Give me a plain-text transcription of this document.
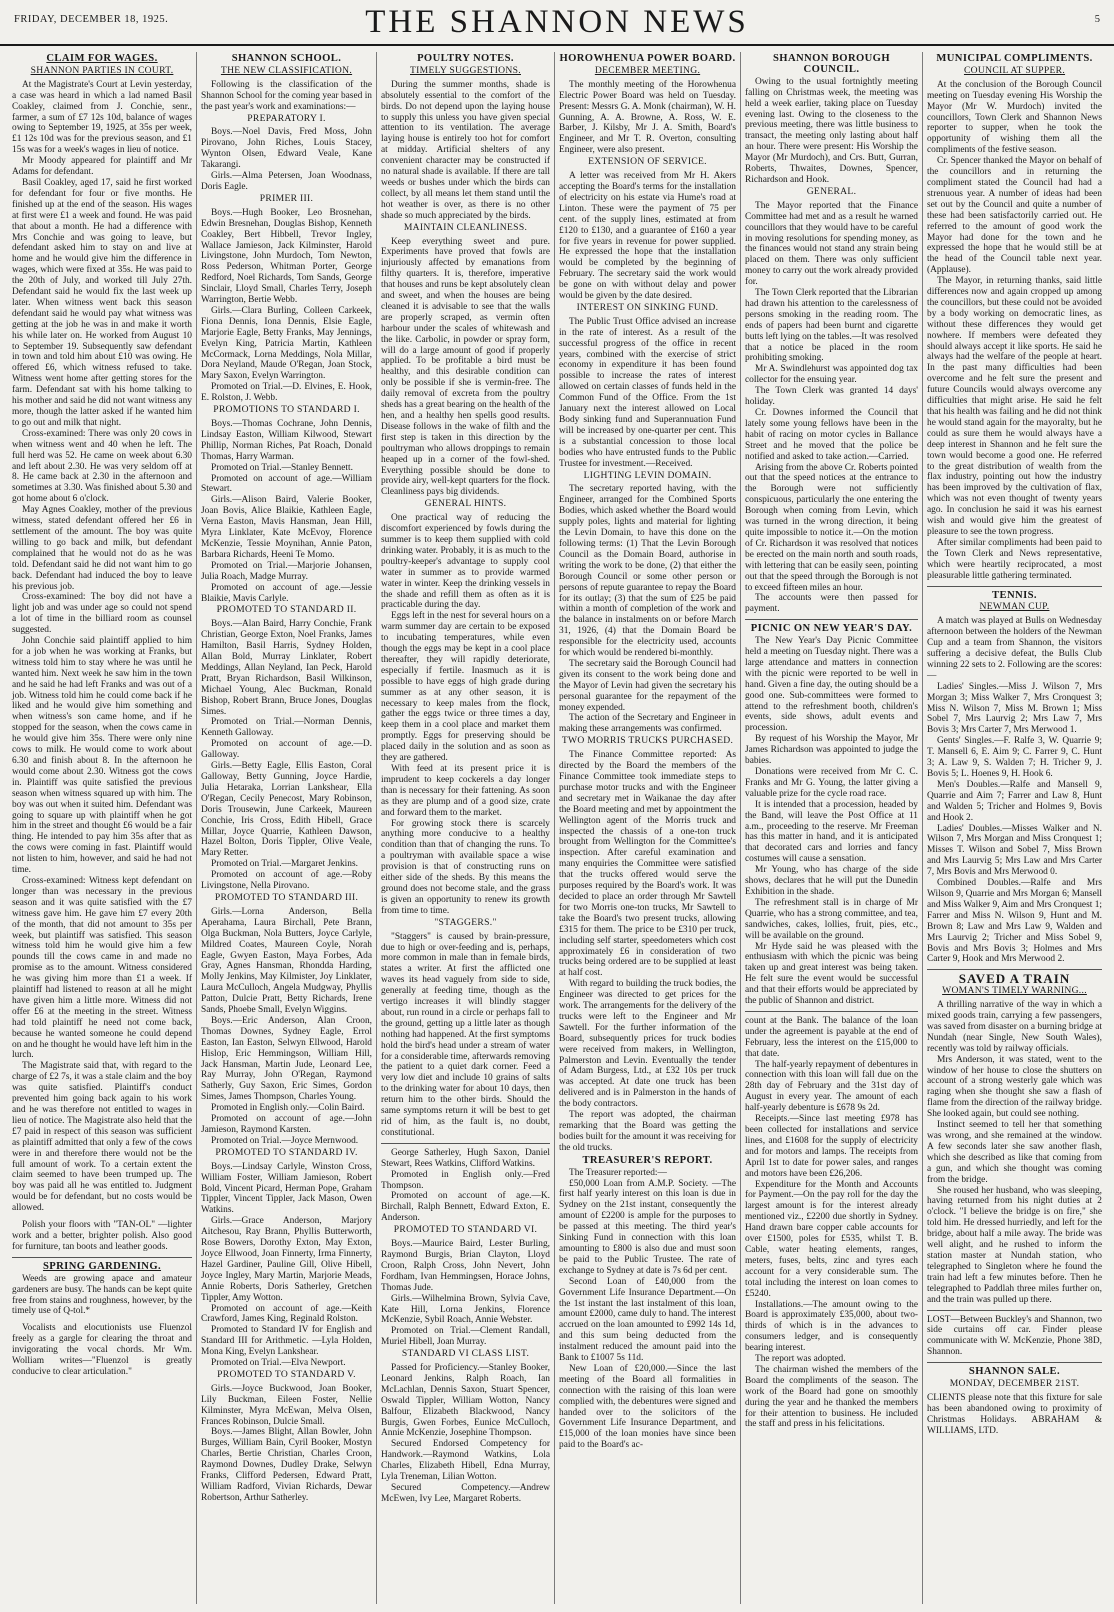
FRIDAY, DECEMBER 18, 1925.	THE SHANNON NEWS	5
CLAIM FOR WAGES.
SHANNON PARTIES IN COURT.

At the Magistrate's Court at Levin yesterday, a case was heard in which a lad named Basil Coakley, claimed from J. Conchie, senr., farmer, a sum of £7 12s 10d, balance of wages owing to September 19, 1925, at 35s per week, £1 12s 10d was for the previous season, and £1 15s was for a week's wages in lieu of notice.

Mr Moody appeared for plaintiff and Mr Adams for defendant.

Basil Coakley, aged 17, said he first worked for defendant for four or five months. He finished up at the end of the season. His wages at first were £1 a week and found. He was paid that about a month. He had a difference with Mrs Conchie and was going to leave, but defendant asked him to stay on and live at home and he would give him the difference in wages, which were fixed at 35s. He was paid to the 20th of July, and worked till July 27th. Defendant said he would fix the last week up later. When witness went back this season defendant said he would pay what witness was getting at the job he was in and make it worth his while later on. He worked from August 10 to September 19. Subsequently saw defendant in town and told him about £10 was owing. He offered £6, which witness refused to take. Witness went home after getting stores for the farm. Defendant sat with his home talking to his mother and said he did not want witness any more, though the latter asked if he wanted him to go out and milk that night.

Cross-examined: There was only 20 cows in when witness went and 40 when he left. The full herd was 52. He came on week about 6.30 and left about 2.30. He was very seldom off at 8. He came back at 2.30 in the afternoon and sometimes at 3.30. Was finished about 5.30 and got home about 6 o'clock.

May Agnes Coakley, mother of the previous witness, stated defendant offered her £6 in settlement of the amount. The boy was quite willing to go back and milk, but defendant complained that he would not do as he was told. Defendant said he did not want him to go back. Defendant had induced the boy to leave his previous job.

Cross-examined: The boy did not have a light job and was under age so could not spend a lot of time in the billiard room as counsel suggested.

John Conchie said plaintiff applied to him for a job when he was working at Franks, but witness told him to stay where he was until he wanted him. Next week he saw him in the town and he said he had left Franks and was out of a job. Witness told him he could come back if he liked and he would give him something and when witness's son came home, and if he stopped for the season, when the cows came in he would give him 35s. There were only nine cows to milk. He would come to work about 6.30 and finish about 8. In the afternoon he would come about 2.30. Witness got the cows in. Plaintiff was quite satisfied the previous season when witness squared up with him. The boy was out when it suited him. Defendant was going to square up with plaintiff when he got him in the street and thought £6 would be a fair thing. He intended to pay him 35s after that as the cows were coming in fast. Plaintiff would not listen to him, however, and said he had not time.

Cross-examined: Witness kept defendant on longer than was necessary in the previous season and it was quite satisfied with the £7 witness gave him. He gave him £7 every 20th of the month, that did not amount to 35s per week, but plaintiff was satisfied. This season witness told him he would give him a few pounds till the cows came in and made no promise as to the amount. Witness considered he was giving him more than £1 a week. If plaintiff had listened to reason at all he might have given him a little more. Witness did not offer £6 at the meeting in the street. Witness had told plaintiff he need not come back, because he wanted someone he could depend on and he thought he would have left him in the lurch.

The Magistrate said that, with regard to the charge of £2 7s, it was a stale claim and the boy was quite satisfied. Plaintiff's conduct prevented him going back again to his work and he was therefore not entitled to wages in lieu of notice. The Magistrate also held that the £7 paid in respect of this season was sufficient as plaintiff admitted that only a few of the cows were in and therefore there would not be the full amount of work. To a certain extent the claim seemed to have been trumped up. The boy was paid all he was entitled to. Judgment would be for defendant, but no costs would be allowed.

Polish your floors with "TAN-OL" —lighter work and a better, brighter polish. Also good for furniture, tan boots and leather goods.

SPRING GARDENING.

Weeds are growing apace and amateur gardeners are busy. The hands can be kept quite free from stains and roughness, however, by the timely use of Q-tol.*

Vocalists and elocutionists use Fluenzol freely as a gargle for clearing the throat and invigorating the vocal chords. Mr Wm. Wolliam writes—"Fluenzol is greatly conducive to clear articulation."

SHANNON SCHOOL.
THE NEW CLASSIFICATION.

Following is the classification of the Shannon School for the coming year based in the past year's work and examinations:—

PREPARATORY I.

Boys.—Noel Davis, Fred Moss, John Pirovano, John Riches, Louis Stacey, Wynton Olsen, Edward Veale, Kane Takarangi.

Girls.—Alma Petersen, Joan Woodnass, Doris Eagle.

PRIMER III.

Boys.—Hugh Booker, Leo Brosnehan, Edwin Bresnehan, Douglas Bishop, Kenneth Coakley, Bert Hibbell, Trevor Ingley, Wallace Jamieson, Jack Kilminster, Harold Livingstone, John Murdoch, Tom Newton, Ross Pederson, Whitman Porter, George Redford, Noel Richards, Tom Sands, George Sinclair, Lloyd Small, Charles Terry, Joseph Warrington, Bertie Webb.

Girls.—Clara Burling, Colleen Carkeek, Fiona Dennis, Iona Dennis, Elsie Eagle, Marjorie Eagle, Betty Franks, May Jennings, Evelyn King, Patricia Martin, Kathleen McCormack, Lorna Meddings, Nola Millar, Dora Neyland, Maude O'Regan, Joan Stock, Mary Saxon, Evelyn Warrington.

Promoted on Trial.—D. Elvines, E. Hook, E. Rolston, J. Webb.

PROMOTIONS TO STANDARD I.

Boys.—Thomas Cochrane, John Dennis, Lindsay Easton, William Kilwood, Stewart Phillip, Norman Riches, Pat Roach, Donald Thomas, Harry Warman.

Promoted on Trial.—Stanley Bennett.

Promoted on account of age.—William Stewart.

Girls.—Alison Baird, Valerie Booker, Joan Bovis, Alice Blaikie, Kathleen Eagle, Verna Easton, Mavis Hansman, Jean Hill, Myra Linklater, Kate McEvoy, Florence McKenzie, Tessie Moynihan, Annie Paton, Barbara Richards, Heeni Te Momo.

Promoted on Trial.—Marjorie Johansen, Julia Roach, Madge Murray.

Promoted on account of age.—Jessie Blaikie, Mavis Carlyle.

PROMOTED TO STANDARD II.

Boys.—Alan Baird, Harry Conchie, Frank Christian, George Exton, Noel Franks, James Hamilton, Basil Harris, Sydney Holden, Allan Bold, Murray Linklater, Robert Meddings, Allan Neyland, Ian Peck, Harold Pratt, Bryan Richardson, Basil Wilkinson, Michael Young, Alec Buckman, Ronald Bishop, Robert Brann, Bruce Jones, Douglas Simes.

Promoted on Trial.—Norman Dennis, Kenneth Galloway.

Promoted on account of age.—D. Galloway.

Girls.—Betty Eagle, Ellis Easton, Coral Galloway, Betty Gunning, Joyce Hardie, Julia Hetaraka, Lorrian Lankshear, Ella O'Regan, Cecily Penecost, Mary Robinson, Doris Trousewin, June Carkeek, Maureen Conchie, Iris Cross, Edith Hibell, Grace Millar, Joyce Quarrie, Kathleen Dawson, Hazel Bolton, Doris Tippler, Olive Veale, Mary Retter.

Promoted on Trial.—Margaret Jenkins.

Promoted on account of age.—Roby Livingstone, Nella Pirovano.

PROMOTED TO STANDARD III.

Girls.—Lorna Anderson, Bella Aperahama, Laura Birchall, Pete Brann, Olga Buckman, Nola Butters, Joyce Carlyle, Mildred Coates, Maureen Coyle, Norah Eagle, Gwyen Easton, Maya Forbes, Ada Gray, Agnes Hansman, Rhondda Harding, Molly Jenkins, May Kilmister, Joy Linklater, Laura McCulloch, Angela Mudgway, Phyllis Patton, Dulcie Pratt, Betty Richards, Irene Sands, Phoebe Small, Evelyn Wiggins.

Boys.—Eric Anderson, Alan Croon, Thomas Downes, Sydney Eagle, Errol Easton, Ian Easton, Selwyn Ellwood, Harold Hislop, Eric Hemmingson, William Hill, Jack Hansman, Martin Jude, Leonard Lee, Ray Murray, John O'Regan, Raymond Satherly, Guy Saxon, Eric Simes, Gordon Simes, James Thompson, Charles Young.

Promoted in English only.—Colin Baird.

Promoted on account of age.—John Jamieson, Raymond Karsten.

Promoted on Trial.—Joyce Mernwood.

PROMOTED TO STANDARD IV.

Boys.—Lindsay Carlyle, Winston Cross, William Foster, William Jamieson, Robert Bold, Vincent Picard, Herman Pope, Graham Tippler, Vincent Tippler, Jack Mason, Owen Watkins.

Girls.—Grace Anderson, Marjory Aitchesou, Ray Brann, Phyllis Butterworth, Rose Bowers, Dorothy Exton, May Exton, Joyce Ellwood, Joan Finnerty, Irma Finnerty, Hazel Gardiner, Pauline Gill, Olive Hibell, Joyce Ingley, Mary Martin, Marjorie Meads, Annie Roberts, Doris Satherley, Gretchen Tippler, Amy Wotton.

Promoted on account of age.—Keith Crawford, James King, Reginald Rolston.

Promoted to Standard IV for English and Standard III for Arithmetic. —Lyla Holden, Mona King, Evelyn Lankshear.

Promoted on Trial.—Elva Newport.

PROMOTED TO STANDARD V.

Girls.—Joyce Buckwood, Joan Booker, Lily Buckman, Eileen Foster, Nellie Kilminster, Myra McEwan, Melva Olsen, Frances Robinson, Dulcie Small.

Boys.—James Blight, Allan Bowler, John Burges, William Bain, Cyril Booker, Mostyn Charles, Bertie Christian, Charles Croon, Raymond Downes, Dudley Drake, Selwyn Franks, Clifford Pedersen, Edward Pratt, William Radford, Vivian Richards, Dewar Robertson, Arthur Satherley.

POULTRY NOTES.
TIMELY SUGGESTIONS.

During the summer months, shade is absolutely essential to the comfort of the birds. Do not depend upon the laying house to supply this unless you have given special attention to its ventilation. The average laying house is entirely too hot for comfort at midday. Artificial shelters of any convenient character may be constructed if no natural shade is available. If there are tall weeds or bushes under which the birds can collect, by all means let them stand until the hot weather is over, as there is no other shade so much appreciated by the birds.

MAINTAIN CLEANLINESS.

Keep everything sweet and pure. Experiments have proved that fowls are injuriously affected by emanations from filthy quarters. It is, therefore, imperative that houses and runs be kept absolutely clean and sweet, and when the houses are being cleaned it is advisable to see that the walls are properly scraped, as vermin often harbour under the scales of whitewash and the like. Carbolic, in powder or spray form, will do a large amount of good if properly applied. To be profitable a bird must be healthy, and this desirable condition can only be possible if she is vermin-free. The daily removal of excreta from the poultry sheds has a great bearing on the health of the hen, and a healthy hen spells good results. Disease follows in the wake of filth and the first step is taken in this direction by the poultryman who allows droppings to remain heaped up in a corner of the fowl-shed. Everything possible should be done to provide airy, well-kept quarters for the flock. Cleanliness pays big dividends.

GENERAL HINTS.

One practical way of reducing the discomfort experienced by fowls during the summer is to keep them supplied with cold drinking water. Probably, it is as much to the poultry-keeper's advantage to supply cool water in summer as to provide warmed water in winter. Keep the drinking vessels in the shade and refill them as often as it is practicable during the day.

Eggs left in the nest for several hours on a warm summer day are certain to be exposed to incubating temperatures, while even though the eggs may be kept in a cool place thereafter, they will rapidly deteriorate, especially if fertile. Inasmuch as it is possible to have eggs of high grade during summer as at any other season, it is necessary to keep males from the flock, gather the eggs twice or three times a day, keep them in a cool place and market them promptly. Eggs for preserving should be placed daily in the solution and as soon as they are gathered.

With feed at its present price it is imprudent to keep cockerels a day longer than is necessary for their fattening. As soon as they are plump and of a good size, crate and forward them to the market.

For growing stock there is scarcely anything more conducive to a healthy condition than that of changing the runs. To a poultryman with available space a wise provision is that of constructing runs on either side of the sheds. By this means the ground does not become stale, and the grass is given an opportunity to renew its growth from time to time.

"STAGGERS."

"Staggers" is caused by brain-pressure, due to high or over-feeding and is, perhaps, more common in male than in female birds, states a writer. At first the afflicted one waves its head vaguely from side to side, generally at feeding time, though as the vertigo increases it will blindly stagger about, run round in a circle or perhaps fall to the ground, getting up a little later as though nothing had happened. At the first symptoms hold the bird's head under a stream of water for a considerable time, afterwards removing the patient to a quiet dark corner. Feed a very low diet and include 10 grains of salts to the drinking water for about 10 days, then return him to the other birds. Should the same symptoms return it will be best to get rid of him, as the fault is, no doubt, constitutional.

George Satherley, Hugh Saxon, Daniel Stewart, Rees Watkins, Clifford Watkins.

Promoted in English only.—Fred Thompson.

Promoted on account of age.—K. Birchall, Ralph Bennett, Edward Exton, E. Anderson.

PROMOTED TO STANDARD VI.

Boys.—Maurice Baird, Lester Burling, Raymond Burgis, Brian Clayton, Lloyd Croon, Ralph Cross, John Nevert, John Fordham, Ivan Hemmingsen, Horace Johns, Thomas Jude.

Girls.—Wilhelmina Brown, Sylvia Cave, Kate Hill, Lorna Jenkins, Florence McKenzie, Sybil Roach, Annie Webster.

Promoted on Trial.—Clement Randall, Muriel Hibell, Joan Murray.

STANDARD VI CLASS LIST.

Passed for Proficiency.—Stanley Booker, Leonard Jenkins, Ralph Roach, Ian McLachlan, Dennis Saxon, Stuart Spencer, Oswald Tippler, William Wotton, Nancy Balfour, Elizabeth Blackwood, Nancy Burgis, Gwen Forbes, Eunice McCulloch, Annie McKenzie, Josephine Thompson.

Secured Endorsed Competency for Handwork.—Raymond Watkins, Lola Charles, Elizabeth Hibell, Edna Murray, Lyla Treneman, Lilian Wotton.

Secured Competency.—Andrew McEwen, Ivy Lee, Margaret Roberts.

HOROWHENUA POWER BOARD.
DECEMBER MEETING.

The monthly meeting of the Horowhenua Electric Power Board was held on Tuesday. Present: Messrs G. A. Monk (chairman), W. H. Gunning, A. A. Browne, A. Ross, W. E. Barber, J. Kilsby, Mr J. A. Smith, Board's Engineer, and Mr T. R. Overton, consulting Engineer, were also present.

EXTENSION OF SERVICE.

A letter was received from Mr H. Akers accepting the Board's terms for the installation of electricity on his estate via Hume's road at Linton. These were the payment of 75 per cent. of the supply lines, estimated at from £120 to £130, and a guarantee of £160 a year for five years in revenue for power supplied. He expressed the hope that the installation would be completed by the beginning of February. The secretary said the work would be gone on with without delay and power would be given by the date desired.

INTEREST ON SINKING FUND.

The Public Trust Office advised an increase in the rate of interest. As a result of the successful progress of the office in recent years, combined with the exercise of strict economy in expenditure it has been found possible to increase the rates of interest allowed on certain classes of funds held in the Common Fund of the Office. From the 1st January next the interest allowed on Local Body sinking fund and Superannuation Fund will be increased by one-quarter per cent. This is a substantial concession to those local bodies who have entrusted funds to the Public Trustee for investment.—Received.

LIGHTING LEVIN DOMAIN.

The secretary reported having, with the Engineer, arranged for the Combined Sports Bodies, which asked whether the Board would supply poles, lights and material for lighting the Levin Domain, to have this done on the following terms: (1) That the Levin Borough Council as the Domain Board, authorise in writing the work to be done, (2) that either the Borough Council or some other person or persons of repute guarantee to repay the Board for its outlay; (3) that the sum of £25 be paid within a month of completion of the work and the balance in instalments on or before March 31, 1926, (4) that the Domain Board be responsible for the electricity used, accounts for which would be rendered bi-monthly.

The secretary said the Borough Council had given its consent to the work being done and the Mayor of Levin had given the secretary his personal guarantee for the repayment of the money expended.

The action of the Secretary and Engineer in making these arrangements was confirmed.

TWO MORRIS TRUCKS PURCHASED.

The Finance Committee reported: As directed by the Board the members of the Finance Committee took immediate steps to purchase motor trucks and with the Engineer and secretary met in Waikanae the day after the Board meeting and met by appointment the Wellington agent of the Morris truck and inspected the chassis of a one-ton truck brought from Wellington for the Committee's inspection. After careful examination and many enquiries the Committee were satisfied that the trucks offered would serve the purposes required by the Board's work. It was decided to place an order through Mr Sawtell for two Morris one-ton trucks, Mr Sawtell to take the Board's two present trucks, allowing £315 for them. The price to be £310 per truck, including self starter, speedometers which cost approximately £6 in consideration of two trucks being ordered are to be supplied at least at half cost.

With regard to building the truck bodies, the Engineer was directed to get prices for the work. The arrangements for the delivery of the trucks were left to the Engineer and Mr Sawtell. For the further information of the Board, subsequently prices for truck bodies were received from makers, in Wellington, Palmerston and Levin. Eventually the tender of Adam Burgess, Ltd., at £32 10s per truck was accepted. At date one truck has been delivered and is in Palmerston in the hands of the body contractors.

The report was adopted, the chairman remarking that the Board was getting the bodies built for the amount it was receiving for the old trucks.

TREASURER'S REPORT.

The Treasurer reported:—

£50,000 Loan from A.M.P. Society. —The first half yearly interest on this loan is due in Sydney on the 21st instant, consequently the amount of £2200 is ample for the purposes to be passed at this meeting. The third year's Sinking Fund in connection with this loan amounting to £800 is also due and must soon be paid to the Public Trustee. The rate of exchange to Sydney at date is 7s 6d per cent.

Second Loan of £40,000 from the Government Life Insurance Department.—On the 1st instant the last instalment of this loan, amount £2000, came duly to hand. The interest accrued on the loan amounted to £992 14s 1d, and this sum being deducted from the instalment reduced the amount paid into the Bank to £1007 5s 11d.

New Loan of £20,000.—Since the last meeting of the Board all formalities in connection with the raising of this loan were complied with, the debentures were signed and handed over to the solicitors of the Government Life Insurance Department, and £15,000 of the loan monies have since been paid to the Board's ac-

SHANNON BOROUGH COUNCIL.

Owing to the usual fortnightly meeting falling on Christmas week, the meeting was held a week earlier, taking place on Tuesday evening last. Owing to the closeness to the previous meeting, there was little business to transact, the meeting only lasting about half an hour. There were present: His Worship the Mayor (Mr Murdoch), and Crs. Butt, Gurran, Roberts, Thwaites, Downes, Spencer, Richardson and Hook.

GENERAL.

The Mayor reported that the Finance Committee had met and as a result he warned councillors that they would have to be careful in moving resolutions for spending money, as the finances would not stand any strain being placed on them. There was only sufficient money to carry out the work already provided for.

The Town Clerk reported that the Librarian had drawn his attention to the carelessness of persons smoking in the reading room. The ends of papers had been burnt and cigarette butts left lying on the tables.—It was resolved that a notice be placed in the room prohibiting smoking.

Mr A. Swindlehurst was appointed dog tax collector for the ensuing year.

The Town Clerk was granted 14 days' holiday.

Cr. Downes informed the Council that lately some young fellows have been in the habit of racing on motor cycles in Ballance Street and he moved that the police be notified and asked to take action.—Carried.

Arising from the above Cr. Roberts pointed out that the speed notices at the entrance to the Borough were not sufficiently conspicuous, particularly the one entering the Borough when coming from Levin, which was turned in the wrong direction, it being quite impossible to notice it.—On the motion of Cr. Richardson it was resolved that notices be erected on the main north and south roads, with lettering that can be easily seen, pointing out that the speed through the Borough is not to exceed fifteen miles an hour.

The accounts were then passed for payment.

PICNIC ON NEW YEAR'S DAY.

The New Year's Day Picnic Committee held a meeting on Tuesday night. There was a large attendance and matters in connection with the picnic were reported to be well in hand. Given a fine day, the outing should be a good one. Sub-committees were formed to attend to the refreshment booth, children's events, side shows, adult events and procession.

By request of his Worship the Mayor, Mr James Richardson was appointed to judge the babies.

Donations were received from Mr C. C. Franks and Mr G. Young, the latter giving a valuable prize for the cycle road race.

It is intended that a procession, headed by the Band, will leave the Post Office at 11 a.m., proceeding to the reserve. Mr Freeman has this matter in hand, and it is anticipated that decorated cars and lorries and fancy costumes will cause a sensation.

Mr Young, who has charge of the side shows, declares that he will put the Dunedin Exhibition in the shade.

The refreshment stall is in charge of Mr Quarrie, who has a strong committee, and tea, sandwiches, cakes, lollies, fruit, pies, etc., will be available on the ground.

Mr Hyde said he was pleased with the enthusiasm with which the picnic was being taken up and great interest was being taken. He felt sure the event would be successful and that their efforts would be appreciated by the public of Shannon and district.

count at the Bank. The balance of the loan under the agreement is payable at the end of February, less the interest on the £15,000 to that date.

The half-yearly repayment of debentures in connection with this loan will fall due on the 28th day of February and the 31st day of August in every year. The amount of each half-yearly debenture is £678 9s 2d.

Receipts.—Since last meeting £978 has been collected for installations and service lines, and £1608 for the supply of electricity and for motors and lamps. The receipts from April 1st to date for power sales, and ranges and motors have been £26,206.

Expenditure for the Month and Accounts for Payment.—On the pay roll for the day the largest amount is for the interest already mentioned viz., £2200 due shortly in Sydney. Hand drawn bare copper cable accounts for over £1500, poles for £535, whilst T. B. Cable, water heating elements, ranges, meters, fuses, belts, zinc and tyres each account for a very considerable sum. The total including the interest on loan comes to £5240.

Installations.—The amount owing to the Board is approximately £35,000, about two-thirds of which is in the advances to consumers ledger, and is consequently bearing interest.

The report was adopted.

The chairman wished the members of the Board the compliments of the season. The work of the Board had gone on smoothly during the year and he thanked the members for their attention to business. He included the staff and press in his felicitations.

MUNICIPAL COMPLIMENTS.
COUNCIL AT SUPPER.

At the conclusion of the Borough Council meeting on Tuesday evening His Worship the Mayor (Mr W. Murdoch) invited the councillors, Town Clerk and Shannon News reporter to supper, when he took the opportunity of wishing them all the compliments of the festive season.

Cr. Spencer thanked the Mayor on behalf of the councillors and in returning the compliment stated the Council had had a strenuous year. A number of ideas had been set out by the Council and quite a number of these had been satisfactorily carried out. He referred to the amount of good work the Mayor had done for the town and he expressed the hope that he would still be at the head of the Council table next year. (Applause).

The Mayor, in returning thanks, said little differences now and again cropped up among the councillors, but these could not be avoided by a body working on democratic lines, as without these differences they would get nowhere. If members were defeated they should always accept it like sports. He said he always had the welfare of the people at heart. In the past many difficulties had been overcome and he felt sure the present and future Councils would always overcome any difficulties that might arise. He said he felt that his health was failing and he did not think he would stand again for the mayoralty, but he could as sure them he would always have a deep interest in Shannon and he felt sure the town would become a good one. He referred to the great distribution of wealth from the flax industry, pointing out how the industry has been improved by the cultivation of flax, which was not even thought of twenty years ago. In conclusion he said it was his earnest wish and would give him the greatest of pleasure to see the town progress.

After similar compliments had been paid to the Town Clerk and News representative, which were heartily reciprocated, a most pleasurable little gathering terminated.

TENNIS.
NEWMAN CUP.

A match was played at Bulls on Wednesday afternoon between the holders of the Newman Cup and a team from Shannon, the visitors suffering a decisive defeat, the Bulls Club winning 22 sets to 2. Following are the scores:—

Ladies' Singles.—Miss J. Wilson 7, Mrs Morgan 3; Miss Walker 7, Mrs Cronquest 3; Miss N. Wilson 7, Miss M. Brown 1; Miss Sobel 7, Mrs Laurvig 2; Mrs Law 7, Mrs Bovis 3; Mrs Carter 7, Mrs Merwood 1.

Gents' Singles.—F. Ralfe 3, W. Quarrie 9; T. Mansell 6, E. Aim 9; C. Farrer 9, C. Hunt 3; A. Law 9, S. Walden 7; H. Tricher 9, J. Bovis 5; L. Hoenes 9, H. Hook 6.

Men's Doubles.—Ralfe and Mansell 9, Quarrie and Aim 7; Farrer and Law 8, Hunt and Walden 5; Tricher and Holmes 9, Bovis and Hook 2.

Ladies' Doubles.—Misses Walker and N. Wilson 7, Mrs Morgan and Miss Cronquest 1; Misses T. Wilson and Sobel 7, Miss Brown and Mrs Laurvig 5; Mrs Law and Mrs Carter 7, Mrs Bovis and Mrs Merwood 0.

Combined Doubles.—Ralfe and Mrs Wilson 9, Quarrie and Mrs Morgan 6; Mansell and Miss Walker 9, Aim and Mrs Cronquest 1; Farrer and Miss N. Wilson 9, Hunt and M. Brown 8; Law and Mrs Law 9, Walden and Mrs Laurvig 2; Tricher and Miss Sobel 9, Bovis and Mrs Bovis 3; Holmes and Mrs Carter 9, Hook and Mrs Merwood 2.

SAVED A TRAIN
WOMAN'S TIMELY WARNING...

A thrilling narrative of the way in which a mixed goods train, carrying a few passengers, was saved from disaster on a burning bridge at Nundah (near Single, New South Wales), recently was told by railway officials.

Mrs Anderson, it was stated, went to the window of her house to close the shutters on account of a strong westerly gale which was raging when she thought she saw a flash of flame from the direction of the railway bridge. She looked again, but could see nothing.

Instinct seemed to tell her that something was wrong, and she remained at the window. A few seconds later she saw another flash, which she described as like that coming from a gun, and which she thought was coming from the bridge.

She roused her husband, who was sleeping, having returned from his night duties at 2 o'clock. "I believe the bridge is on fire," she told him. He dressed hurriedly, and left for the bridge, about half a mile away. The bride was well alight, and he rushed to inform the station master at Nundah station, who telegraphed to Singleton where he found the train had left a few minutes before. Then he telegraphed to Paddlah three miles further on, and the train was pulled up there.

LOST—Between Buckley's and Shannon, two side curtains off car. Finder please communicate with W. McKenzie, Phone 38D, Shannon.

SHANNON SALE.
MONDAY, DECEMBER 21ST.

CLIENTS please note that this fixture for sale has been abandoned owing to proximity of Christmas Holidays. ABRAHAM & WILLIAMS, LTD.
